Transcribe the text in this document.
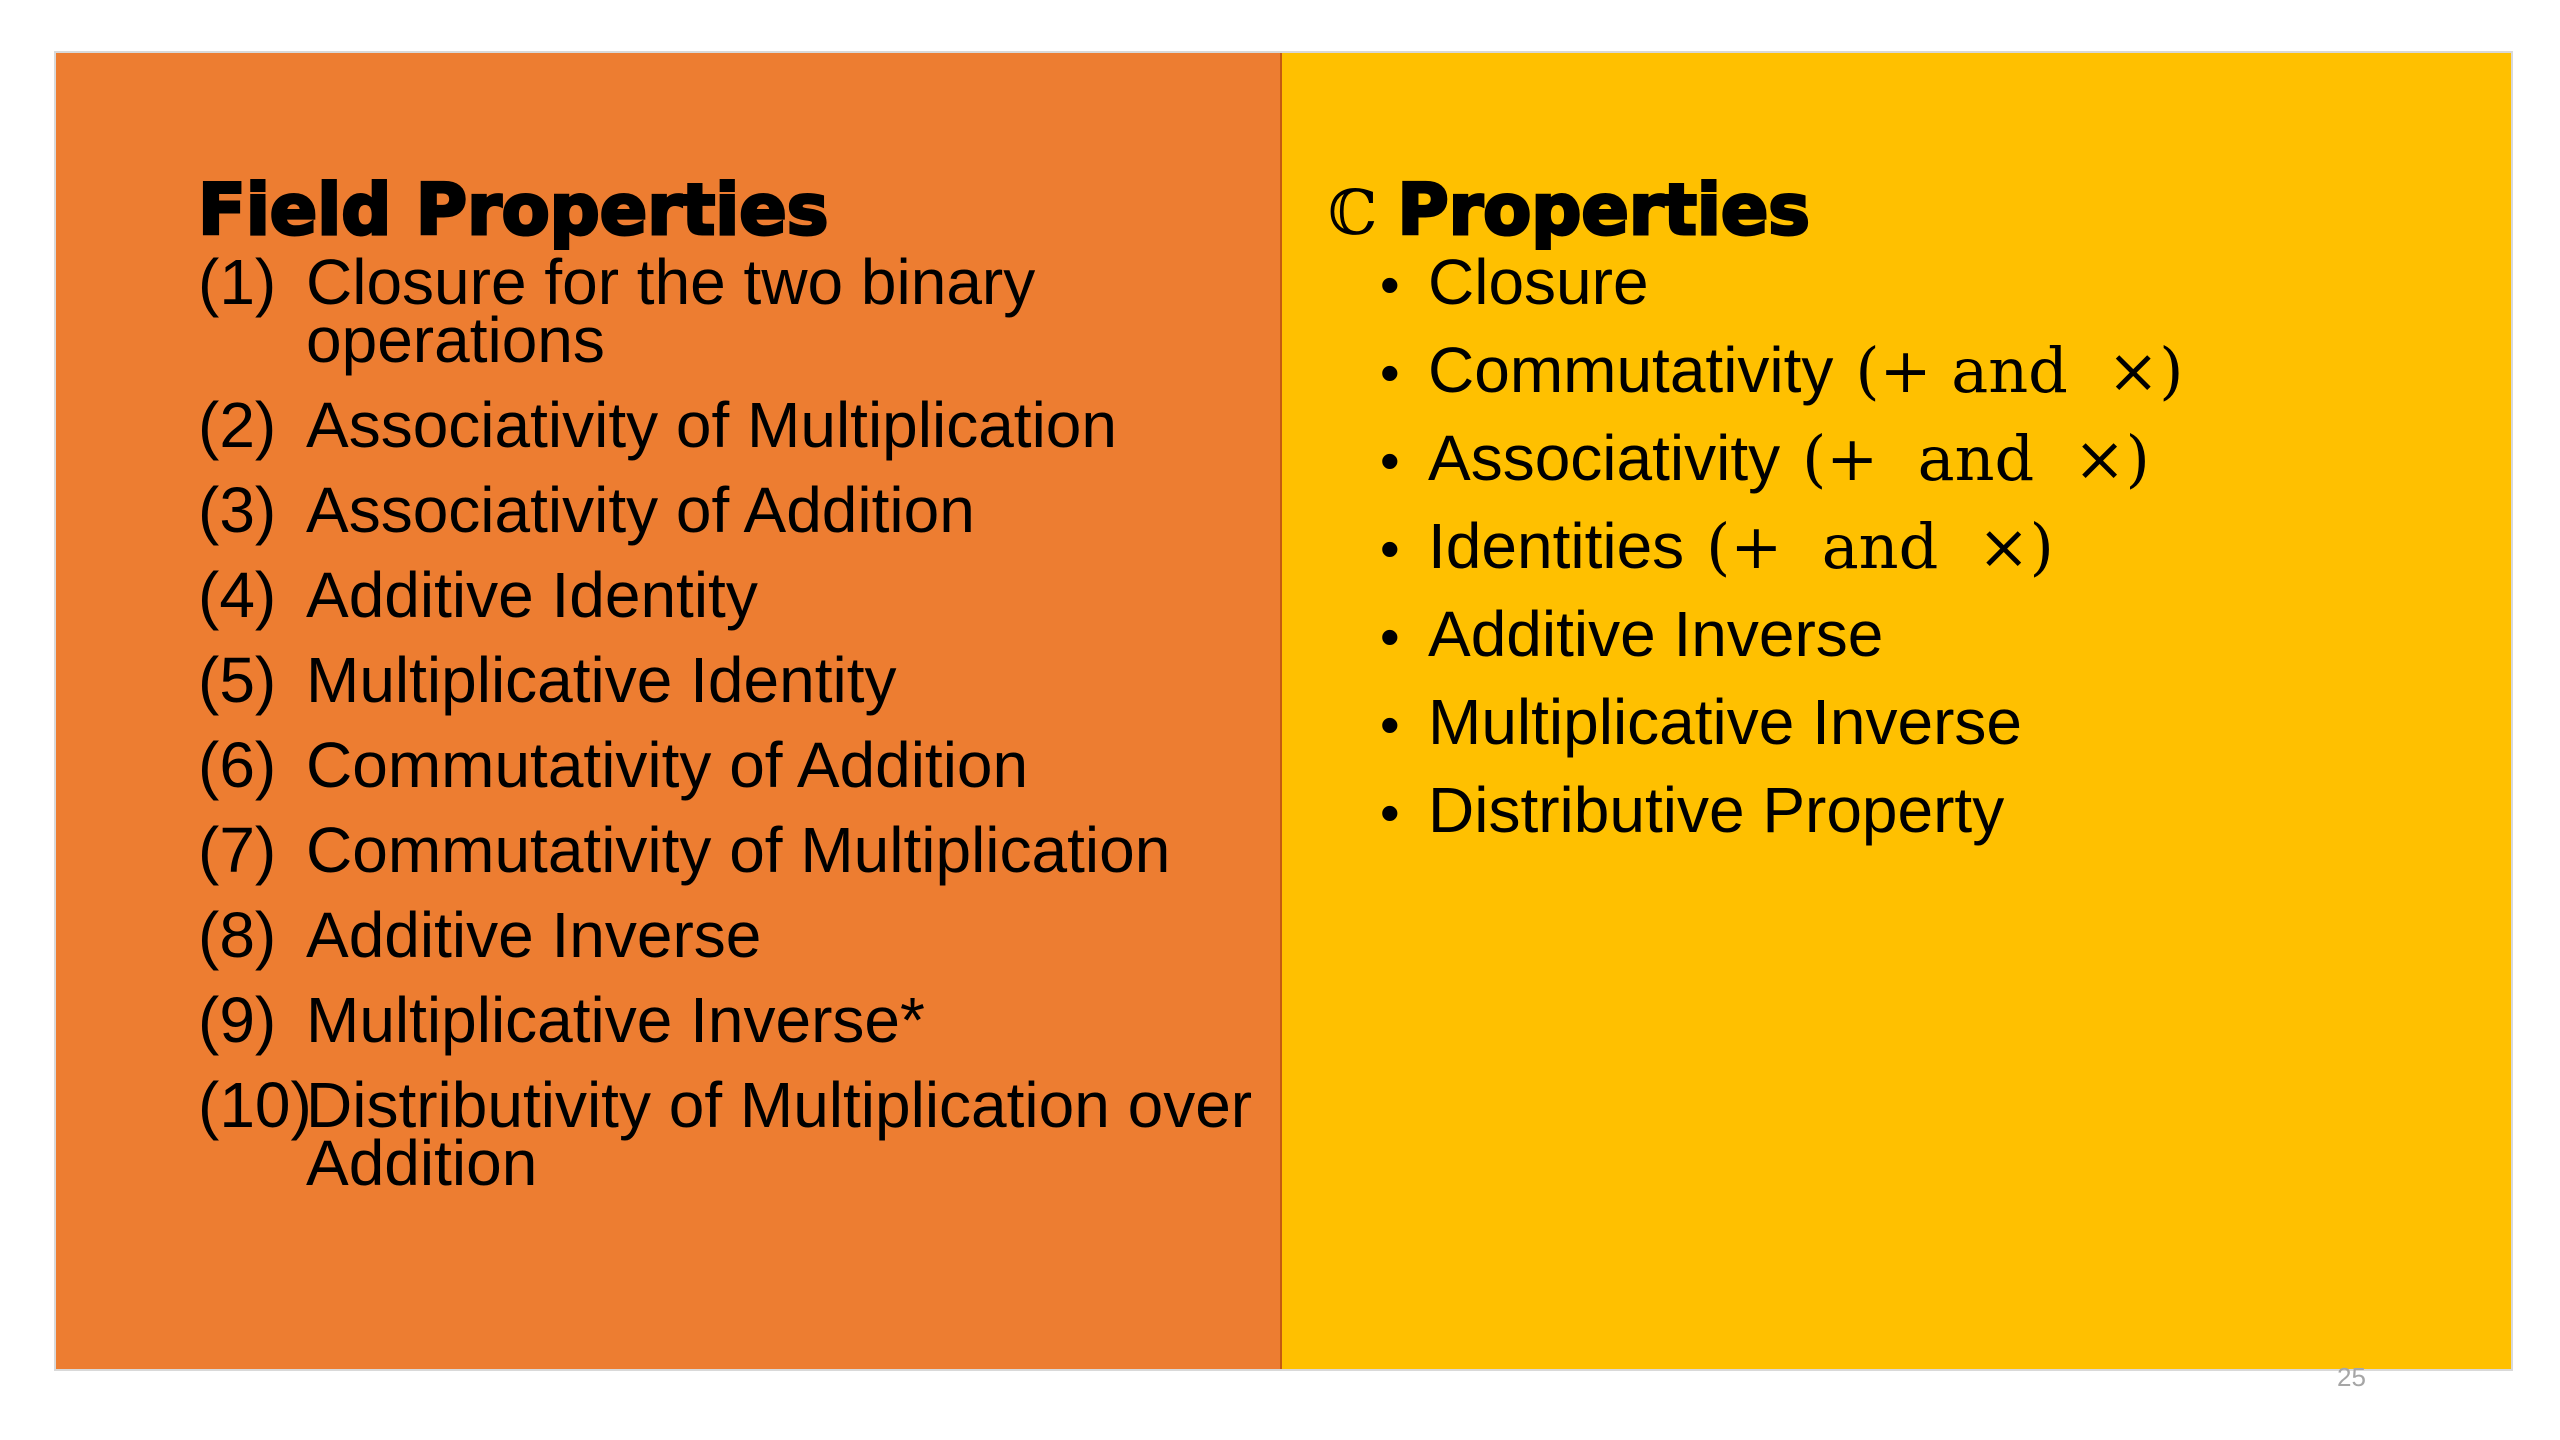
Field Properties
(1) Closure for the two binary operations
(2) Associativity of Multiplication
(3) Associativity of Addition
(4) Additive Identity
(5) Multiplicative Identity
(6) Commutativity of Addition
(7) Commutativity of Multiplication
(8) Additive Inverse
(9) Multiplicative Inverse*
(10)
Distributivity of Multiplication over Addition
ℂ Properties
• Closure
• Commutativity (+ and  ×)
• Associativity (+  and  ×)
• Identities (+  and  ×)
• Additive Inverse
• Multiplicative Inverse
• Distributive Property
25
